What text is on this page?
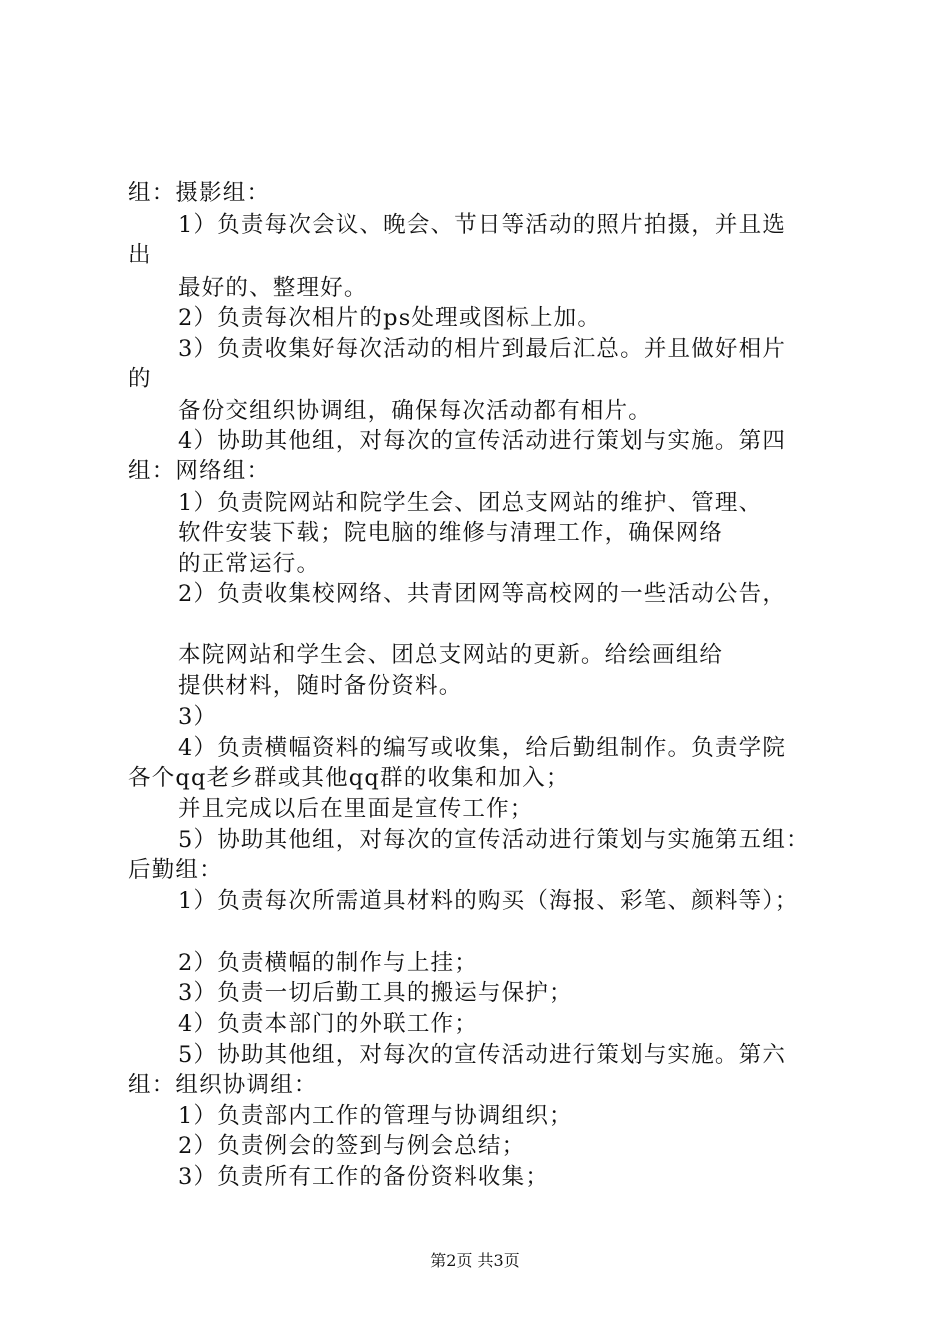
组：摄影组：
1）负责每次会议、晚会、节日等活动的照片拍摄，并且选
出
最好的、整理好。
2）负责每次相片的ps处理或图标上加。
3）负责收集好每次活动的相片到最后汇总。并且做好相片
的
备份交组织协调组，确保每次活动都有相片。
4）协助其他组，对每次的宣传活动进行策划与实施。第四
组：网络组：
1）负责院网站和院学生会、团总支网站的维护、管理、
软件安装下载；院电脑的维修与清理工作，确保网络
的正常运行。
2）负责收集校网络、共青团网等高校网的一些活动公告，
本院网站和学生会、团总支网站的更新。给绘画组给
提供材料，随时备份资料。
3）
4）负责横幅资料的编写或收集，给后勤组制作。负责学院
各个qq老乡群或其他qq群的收集和加入；
并且完成以后在里面是宣传工作；
5）协助其他组，对每次的宣传活动进行策划与实施第五组：
后勤组：
1）负责每次所需道具材料的购买（海报、彩笔、颜料等）；
2）负责横幅的制作与上挂；
3）负责一切后勤工具的搬运与保护；
4）负责本部门的外联工作；
5）协助其他组，对每次的宣传活动进行策划与实施。第六
组：组织协调组：
1）负责部内工作的管理与协调组织；
2）负责例会的签到与例会总结；
3）负责所有工作的备份资料收集；
第2页 共3页
